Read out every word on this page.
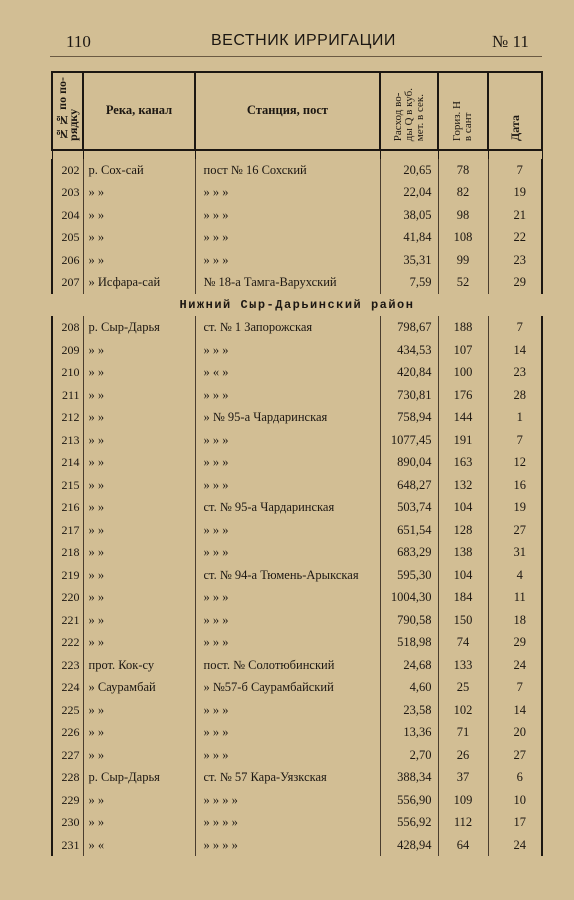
110	ВЕСТНИК ИРРИГАЦИИ	№ 11
№№ по по-
рядку	Река, канал	Станция, пост	Расход во-
ды Q в куб.
мет. в сек.	Гориз. H
в сант	Дата

202	р. Сох-сай	пост № 16 Сохский	20,65	78	7
203	» »	» » »	22,04	82	19
204	» »	» » »	38,05	98	21
205	» »	» » »	41,84	108	22
206	» »	» » »	35,31	99	23
207	» Исфара-сай	№ 18-а Тамга-Варухский	7,59	52	29
Нижний Сыр-Дарьинский район					
208	р. Сыр-Дарья	ст. № 1 Запорожская	798,67	188	7
209	» »	» » »	434,53	107	14
210	» »	» « »	420,84	100	23
211	» »	» » »	730,81	176	28
212	» »	» № 95-а Чардаринская	758,94	144	1
213	» »	» » »	1077,45	191	7
214	» »	» » »	890,04	163	12
215	» »	» » »	648,27	132	16
216	» »	ст. № 95-а Чардаринская	503,74	104	19
217	» »	» » »	651,54	128	27
218	» »	» » »	683,29	138	31
219	» »	ст. № 94-а Тюмень-Арыкская	595,30	104	4
220	» »	» » »	1004,30	184	11
221	» »	» » »	790,58	150	18
222	» »	» » »	518,98	74	29
223	прот. Кок-су	пост. № Солотюбинский	24,68	133	24
224	» Саурамбай	» №57-б Саурамбайский	4,60	25	7
225	» »	» » »	23,58	102	14
226	» »	» » »	13,36	71	20
227	» »	» » »	2,70	26	27
228	р. Сыр-Дарья	ст. № 57 Кара-Уязкская	388,34	37	6
229	» »	» » » »	556,90	109	10
230	» »	» » » »	556,92	112	17
231	» «	» » » »	428,94	64	24
